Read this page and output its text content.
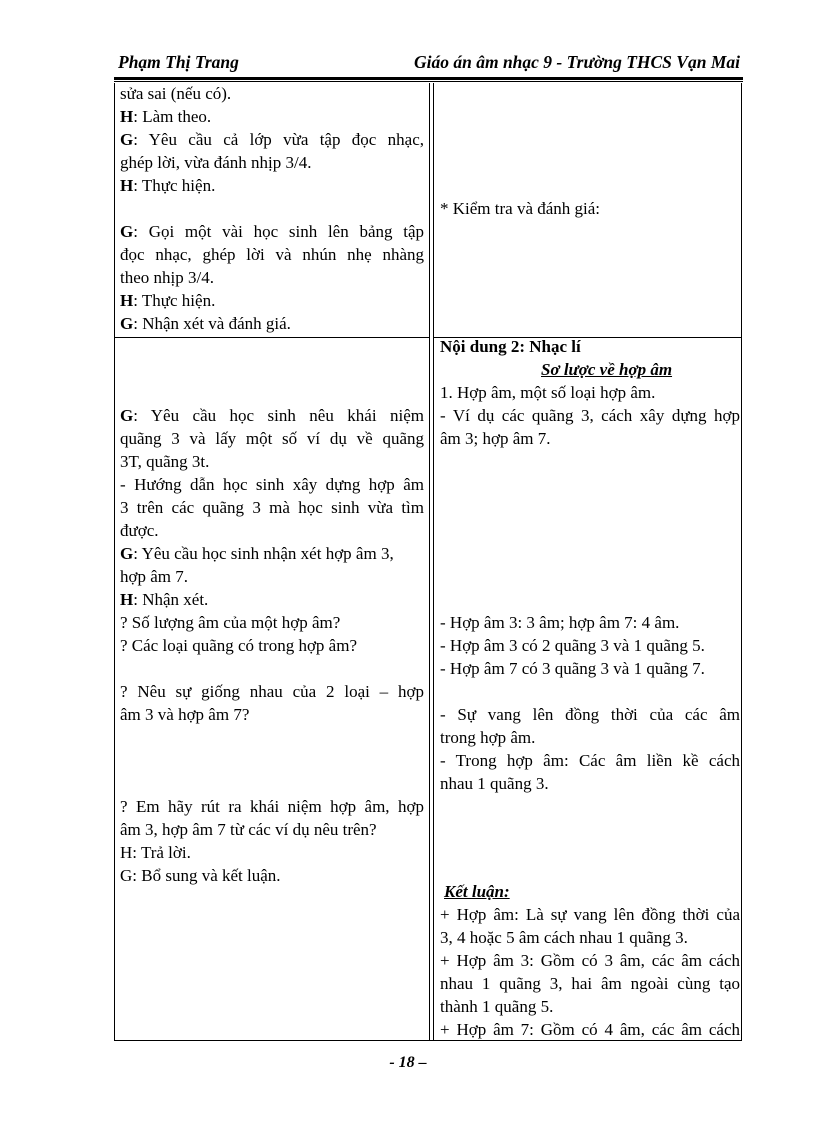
Phạm Thị Trang	Giáo án âm nhạc 9 - Trường THCS Vạn Mai
sửa sai (nếu có).
H: Làm theo.
G: Yêu cầu cả lớp vừa tập đọc nhạc,
ghép lời, vừa đánh nhịp 3/4.
H: Thực hiện.
G: Gọi một vài học sinh lên bảng tập
đọc nhạc, ghép lời và nhún nhẹ nhàng
theo nhịp 3/4.
H: Thực hiện.
G: Nhận xét và đánh giá.
G: Yêu cầu học sinh nêu khái niệm
quãng 3 và lấy một số ví dụ về quãng
3T, quãng 3t.
- Hướng dẫn học sinh xây dựng hợp âm
3 trên các quãng 3 mà học sinh vừa tìm
được.
G: Yêu cầu học sinh nhận xét hợp âm 3,
hợp âm 7.
H: Nhận xét.
? Số lượng âm của một hợp âm?
? Các loại quãng có trong hợp âm?
? Nêu sự giống nhau của 2 loại – hợp
âm 3 và hợp âm 7?
? Em hãy rút ra khái niệm hợp âm, hợp
âm 3, hợp âm 7 từ các ví dụ nêu trên?
H: Trả lời.
G: Bổ sung và kết luận.
* Kiểm tra và đánh giá:
Nội dung 2: Nhạc lí
Sơ lược về hợp âm
1. Hợp âm, một số loại hợp âm.
- Ví dụ các quãng 3, cách xây dựng hợp
âm 3; hợp âm 7.
- Hợp âm 3: 3 âm; hợp âm 7: 4 âm.
- Hợp âm 3 có 2 quãng 3 và 1 quãng 5.
- Hợp âm 7 có 3 quãng 3 và 1 quãng 7.
- Sự vang lên đồng thời của các âm
trong hợp âm.
- Trong hợp âm: Các âm liền kề cách
nhau 1 quãng 3.
Kết luận:
+ Hợp âm: Là sự vang lên đồng thời của
3, 4 hoặc 5 âm cách nhau 1 quãng 3.
+ Hợp âm 3: Gồm có 3 âm, các âm cách
nhau 1 quãng 3, hai âm ngoài cùng tạo
thành 1 quãng 5.
+ Hợp âm 7: Gồm có 4 âm, các âm cách
- 18 –
